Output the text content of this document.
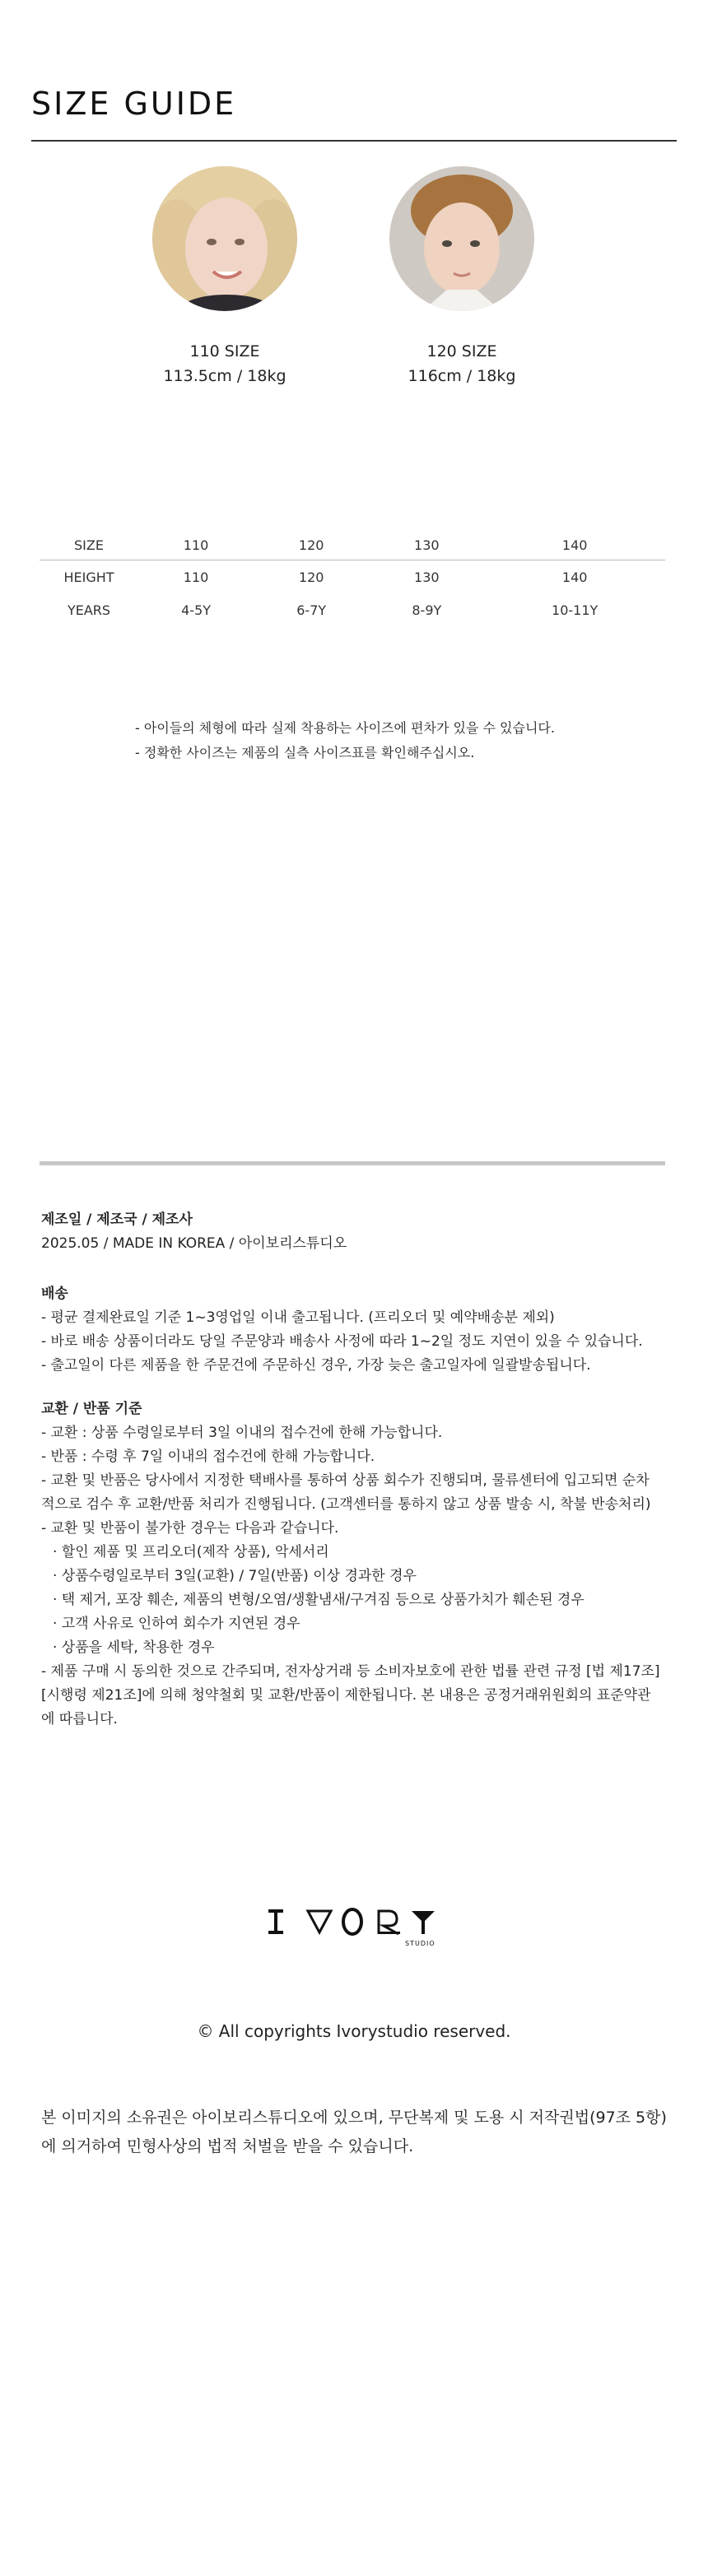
SIZE GUIDE
110 SIZE
113.5cm / 18kg
120 SIZE
116cm / 18kg
SIZE	110	120	130	140
HEIGHT	110	120	130	140
YEARS	4-5Y	6-7Y	8-9Y	10-11Y
- 아이들의 체형에 따라 실제 착용하는 사이즈에 편차가 있을 수 있습니다.
- 정확한 사이즈는 제품의 실측 사이즈표를 확인해주십시오.
제조일 / 제조국 / 제조사
2025.05 / MADE IN KOREA / 아이보리스튜디오
배송
- 평균 결제완료일 기준 1~3영업일 이내 출고됩니다. (프리오더 및 예약배송분 제외)
- 바로 배송 상품이더라도 당일 주문양과 배송사 사정에 따라 1~2일 정도 지연이 있을 수 있습니다.
- 출고일이 다른 제품을 한 주문건에 주문하신 경우, 가장 늦은 출고일자에 일괄발송됩니다.
교환 / 반품 기준
- 교환 : 상품 수령일로부터 3일 이내의 접수건에 한해 가능합니다.
- 반품 : 수령 후 7일 이내의 접수건에 한해 가능합니다.
- 교환 및 반품은 당사에서 지정한 택배사를 통하여 상품 회수가 진행되며, 물류센터에 입고되면 순차
적으로 검수 후 교환/반품 처리가 진행됩니다. (고객센터를 통하지 않고 상품 발송 시, 착불 반송처리)
- 교환 및 반품이 불가한 경우는 다음과 같습니다.
· 할인 제품 및 프리오더(제작 상품), 악세서리
· 상품수령일로부터 3일(교환) / 7일(반품) 이상 경과한 경우
· 택 제거, 포장 훼손, 제품의 변형/오염/생활냄새/구겨짐 등으로 상품가치가 훼손된 경우
· 고객 사유로 인하여 회수가 지연된 경우
· 상품을 세탁, 착용한 경우
- 제품 구매 시 동의한 것으로 간주되며, 전자상거래 등 소비자보호에 관한 법률 관련 규정 [법 제17조]
[시행령 제21조]에 의해 청약철회 및 교환/반품이 제한됩니다. 본 내용은 공정거래위원회의 표준약관
에 따릅니다.
STUDIO
© All copyrights Ivorystudio reserved.
본 이미지의 소유권은 아이보리스튜디오에 있으며, 무단복제 및 도용 시 저작권법(97조 5항)
에 의거하여 민형사상의 법적 처벌을 받을 수 있습니다.
